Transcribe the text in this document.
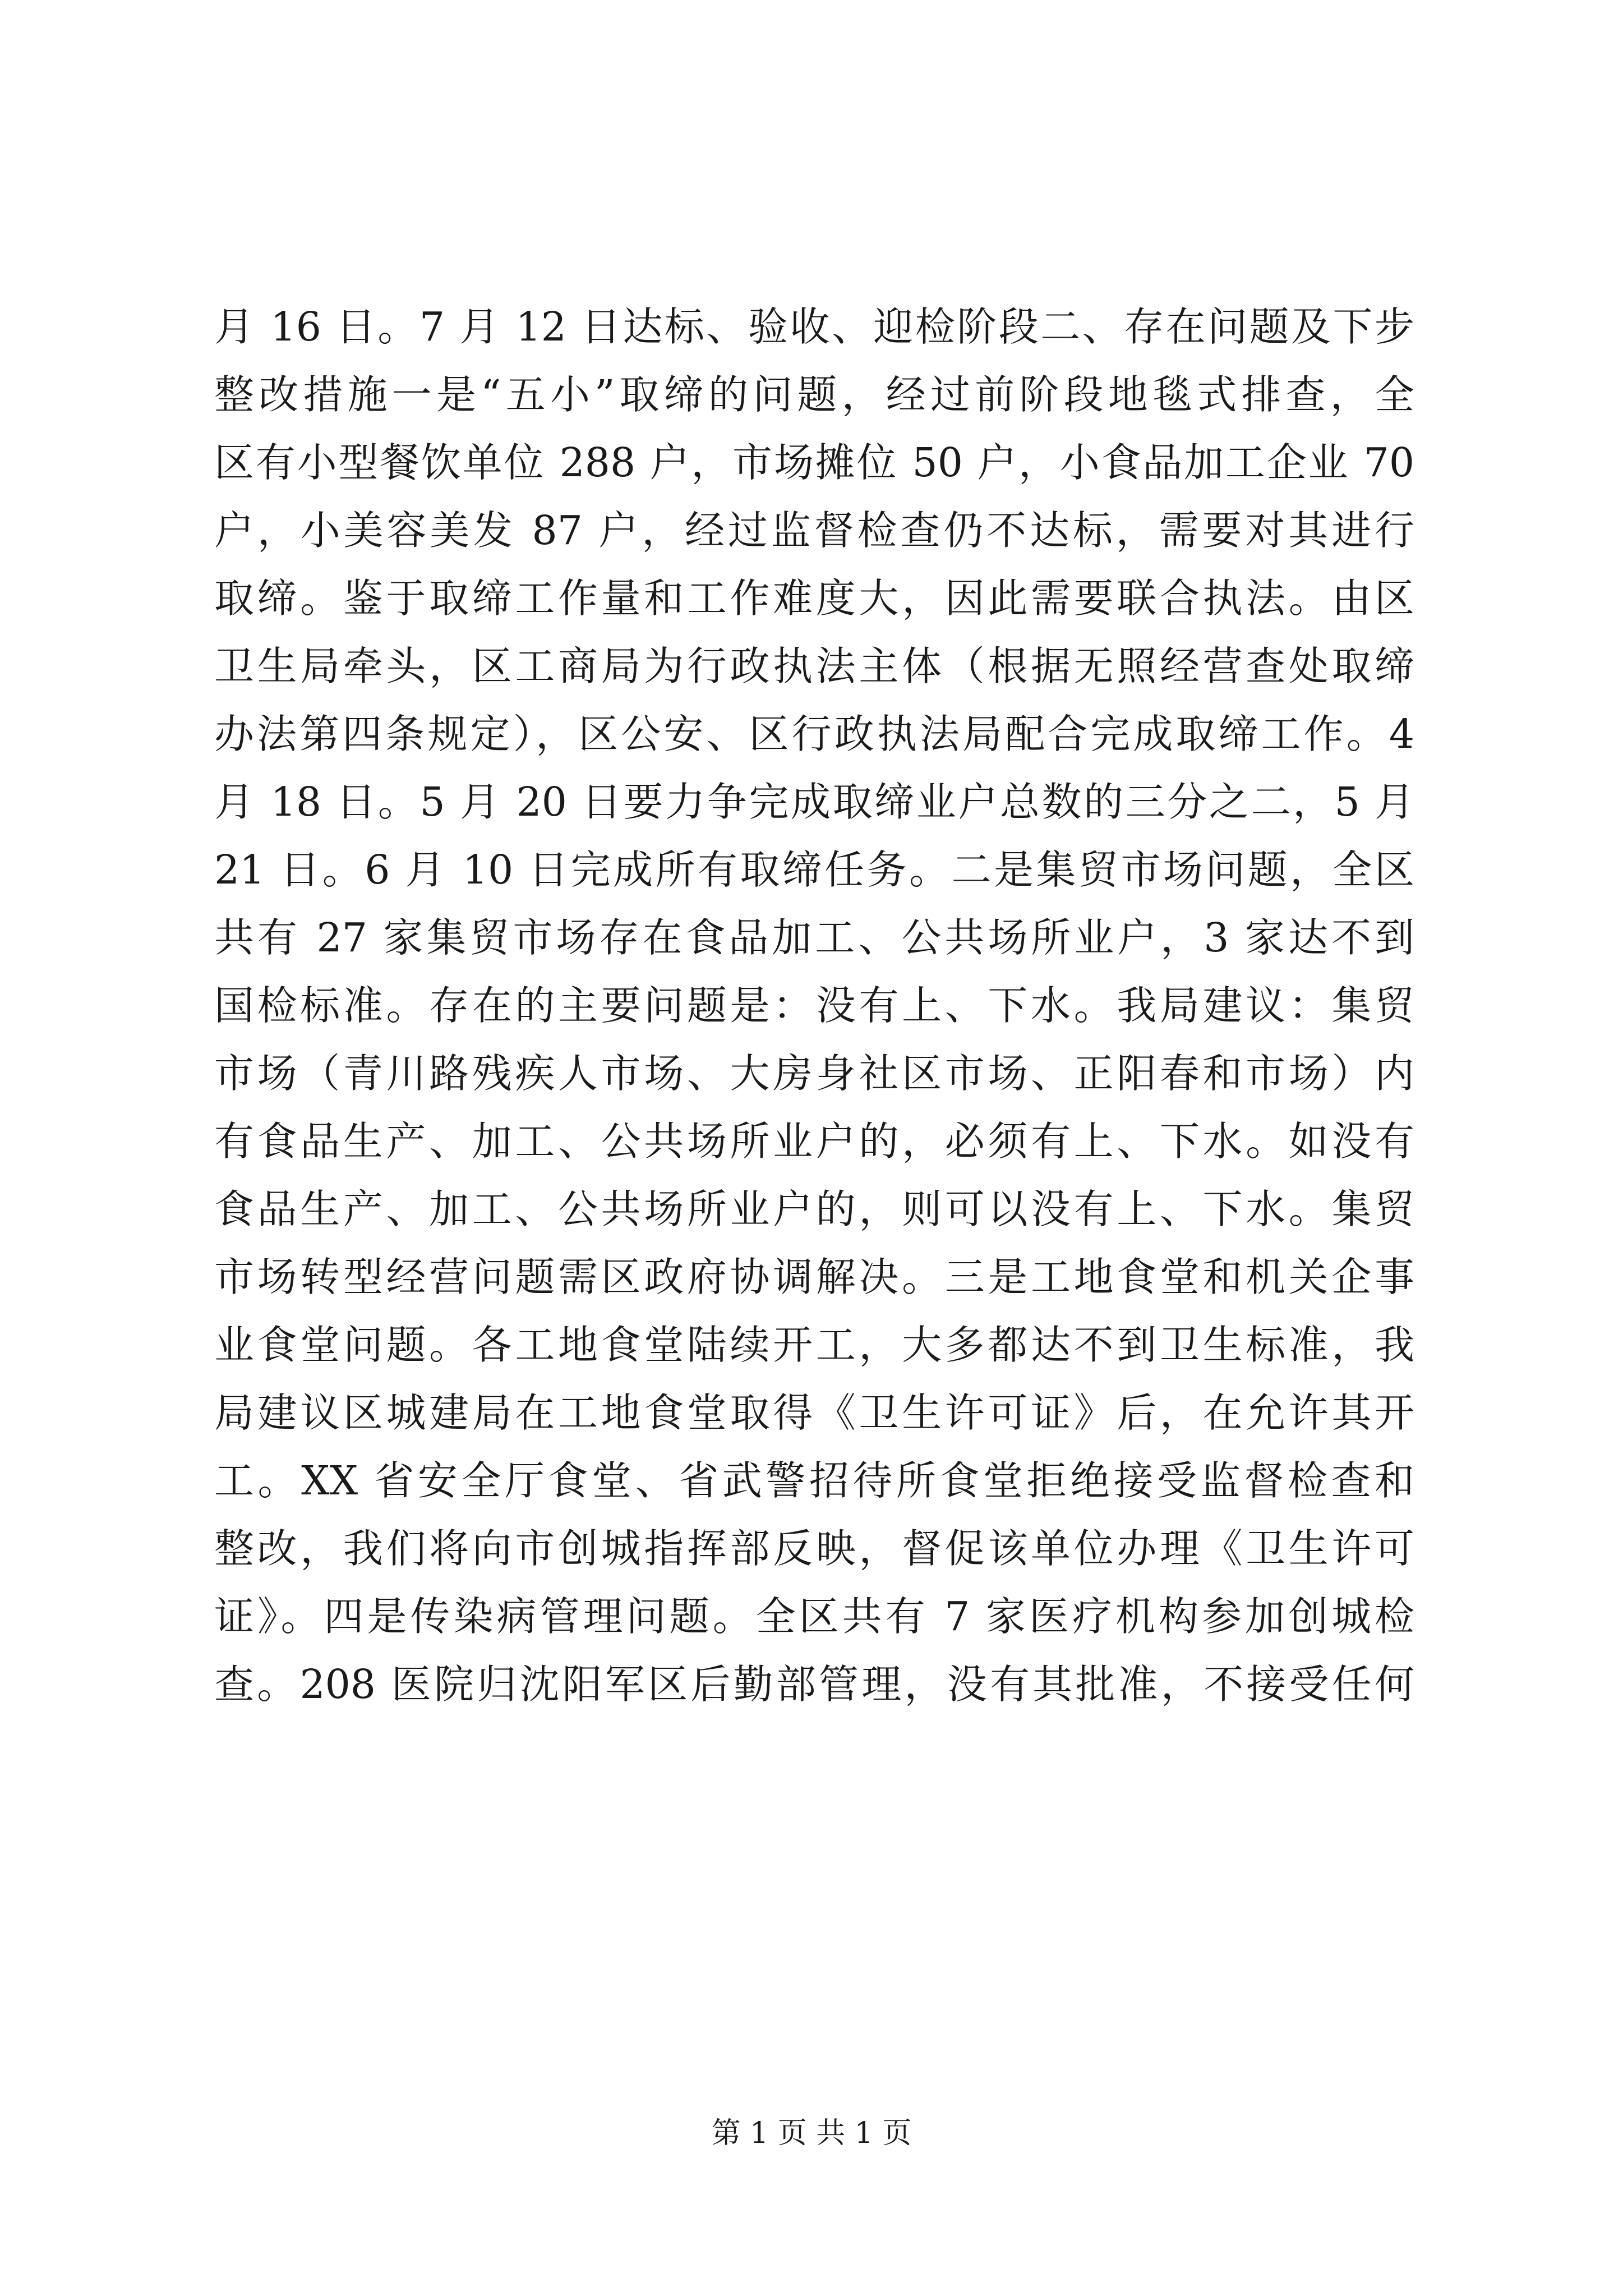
月 16 日。7 月 12 日达标、验收、迎检阶段二、存在问题及下步
整改措施一是“五小”取缔的问题，经过前阶段地毯式排查，全
区有小型餐饮单位 288 户，市场摊位 50 户，小食品加工企业 70
户，小美容美发 87 户，经过监督检查仍不达标，需要对其进行
取缔。鉴于取缔工作量和工作难度大，因此需要联合执法。由区
卫生局牵头，区工商局为行政执法主体（根据无照经营查处取缔
办法第四条规定），区公安、区行政执法局配合完成取缔工作。4
月 18 日。5 月 20 日要力争完成取缔业户总数的三分之二，5 月
21 日。6 月 10 日完成所有取缔任务。二是集贸市场问题，全区
共有 27 家集贸市场存在食品加工、公共场所业户，3 家达不到
国检标准。存在的主要问题是：没有上、下水。我局建议：集贸
市场（青川路残疾人市场、大房身社区市场、正阳春和市场）内
有食品生产、加工、公共场所业户的，必须有上、下水。如没有
食品生产、加工、公共场所业户的，则可以没有上、下水。集贸
市场转型经营问题需区政府协调解决。三是工地食堂和机关企事
业食堂问题。各工地食堂陆续开工，大多都达不到卫生标准，我
局建议区城建局在工地食堂取得《卫生许可证》后，在允许其开
工。XX 省安全厅食堂、省武警招待所食堂拒绝接受监督检查和
整改，我们将向市创城指挥部反映，督促该单位办理《卫生许可
证》。四是传染病管理问题。全区共有 7 家医疗机构参加创城检
查。208 医院归沈阳军区后勤部管理，没有其批准，不接受任何
第 1 页 共 1 页
